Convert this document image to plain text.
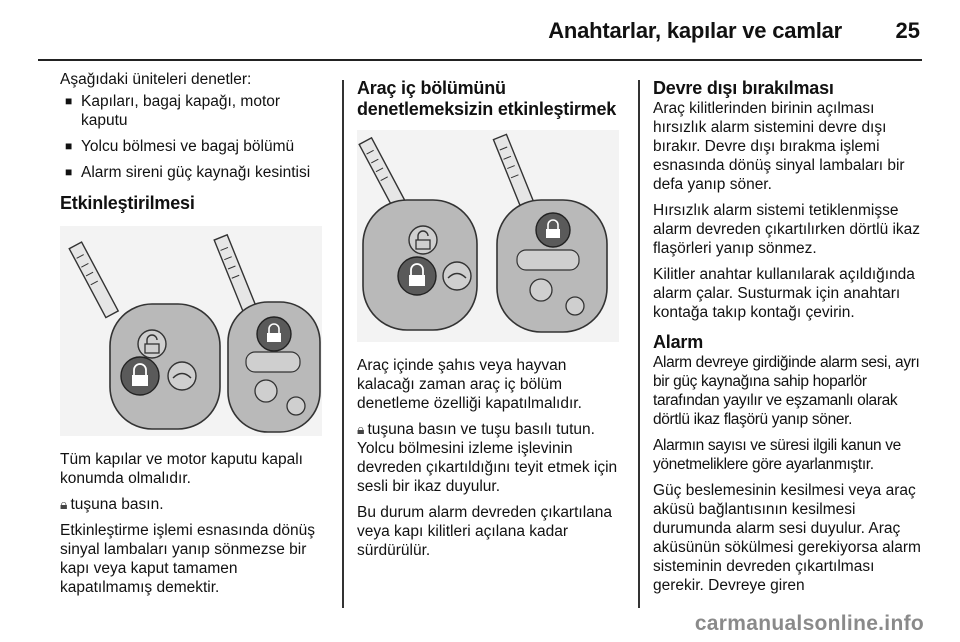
Anahtarlar, kapılar ve camlar 25

Aşağıdaki üniteleri denetler:

■ Kapıları, bagaj kapağı, motor kaputu
■ Yolcu bölmesi ve bagaj bölümü
■ Alarm sireni güç kaynağı kesintisi
Etkinleştirilmesi

Tüm kapılar ve motor kaputu kapalı konumda olmalıdır.

🔒︎ tuşuna basın.

Etkinleştirme işlemi esnasında dönüş sinyal lambaları yanıp sönmezse bir kapı veya kaput tamamen kapatılmamış demektir.

Araç iç bölümünü denetlemeksizin etkinleştirmek

Araç içinde şahıs veya hayvan kalacağı zaman araç iç bölüm denetleme özelliği kapatılmalıdır.

🔒︎ tuşuna basın ve tuşu basılı tutun. Yolcu bölmesini izleme işlevinin devreden çıkartıldığını teyit etmek için sesli bir ikaz duyulur.

Bu durum alarm devreden çıkartılana veya kapı kilitleri açılana kadar sürdürülür.

Devre dışı bırakılması

Araç kilitlerinden birinin açılması hırsızlık alarm sistemini devre dışı bırakır. Devre dışı bırakma işlemi esnasında dönüş sinyal lambaları bir defa yanıp söner.

Hırsızlık alarm sistemi tetiklenmişse alarm devreden çıkartılırken dörtlü ikaz flaşörleri yanıp sönmez.

Kilitler anahtar kullanılarak açıldığında alarm çalar. Susturmak için anahtarı kontağa takıp kontağı çevirin.

Alarm

Alarm devreye girdiğinde alarm sesi, ayrı bir güç kaynağına sahip hoparlör tarafından yayılır ve eşzamanlı olarak dörtlü ikaz flaşörü yanıp söner.

Alarmın sayısı ve süresi ilgili kanun ve yönetmeliklere göre ayarlanmıştır.

Güç beslemesinin kesilmesi veya araç aküsü bağlantısının kesilmesi durumunda alarm sesi duyulur. Araç aküsünün sökülmesi gerekiyorsa alarm sisteminin devreden çıkartılması gerekir. Devreye giren

carmanualsonline.info
